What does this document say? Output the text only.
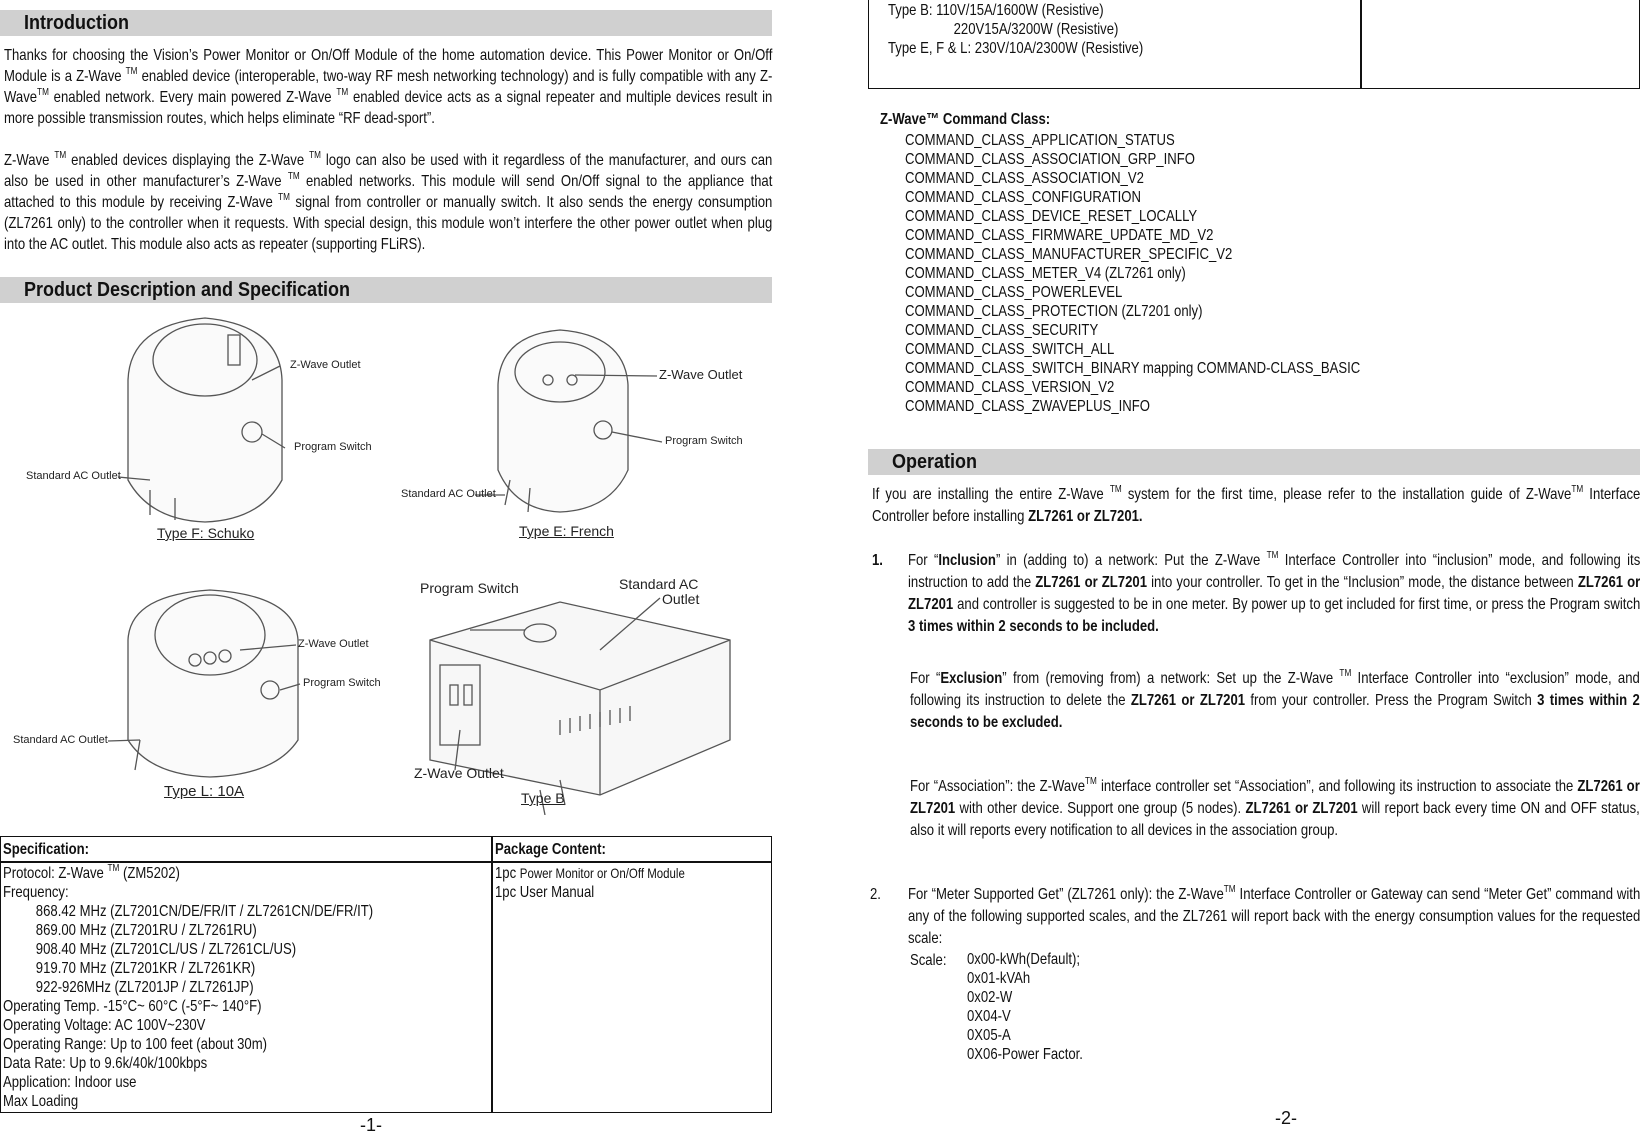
Introduction
Thanks for choosing the Vision’s Power Monitor or On/Off Module of the home automation device. This Power Monitor or On/Off Module is a Z-Wave ™ enabled device (interoperable, two-way RF mesh networking technology) and is fully compatible with any Z-Wave™ enabled network. Every main powered Z-Wave ™ enabled device acts as a signal repeater and multiple devices result in more possible transmission routes, which helps eliminate “RF dead-sport”.
Z-Wave ™ enabled devices displaying the Z-Wave ™ logo can also be used with it regardless of the manufacturer, and ours can also be used in other manufacturer’s Z-Wave ™ enabled networks. This module will send On/Off signal to the appliance that attached to this module by receiving Z-Wave ™ signal from controller or manually switch. It also sends the energy consumption (ZL7261 only) to the controller when it requests. With special design, this module won’t interfere the other power outlet when plug into the AC outlet. This module also acts as repeater (supporting FLiRS).
Product Description and Specification
Z-Wave Outlet
Program Switch
Standard AC Outlet
Type F: Schuko
Z-Wave Outlet
Program Switch
Standard AC Outlet
Type E: French
Z-Wave Outlet
Program Switch
Standard AC Outlet
Type L: 10A
Program Switch	Standard AC
Outlet
Z-Wave Outlet
Type B
Specification:	Package Content:
Protocol: Z-Wave ™ (ZM5202)
Frequency:
868.42 MHz (ZL7201CN/DE/FR/IT / ZL7261CN/DE/FR/IT)
869.00 MHz (ZL7201RU / ZL7261RU)
908.40 MHz (ZL7201CL/US / ZL7261CL/US)
919.70 MHz (ZL7201KR / ZL7261KR)
922-926MHz (ZL7201JP / ZL7261JP)
Operating Temp. -15°C~ 60°C (-5°F~ 140°F)
Operating Voltage: AC 100V~230V
Operating Range: Up to 100 feet (about 30m)
Data Rate: Up to 9.6k/40k/100kbps
Application: Indoor use
Max Loading
1pc Power Monitor or On/Off Module
1pc User Manual
-1-
Type B: 110V/15A/1600W (Resistive)
220V15A/3200W (Resistive)
Type E, F & L: 230V/10A/2300W (Resistive)
Z-Wave™ Command Class:
COMMAND_CLASS_APPLICATION_STATUS
COMMAND_CLASS_ASSOCIATION_GRP_INFO
COMMAND_CLASS_ASSOCIATION_V2
COMMAND_CLASS_CONFIGURATION
COMMAND_CLASS_DEVICE_RESET_LOCALLY
COMMAND_CLASS_FIRMWARE_UPDATE_MD_V2
COMMAND_CLASS_MANUFACTURER_SPECIFIC_V2
COMMAND_CLASS_METER_V4 (ZL7261 only)
COMMAND_CLASS_POWERLEVEL
COMMAND_CLASS_PROTECTION (ZL7201 only)
COMMAND_CLASS_SECURITY
COMMAND_CLASS_SWITCH_ALL
COMMAND_CLASS_SWITCH_BINARY mapping COMMAND-CLASS_BASIC
COMMAND_CLASS_VERSION_V2
COMMAND_CLASS_ZWAVEPLUS_INFO
Operation
If you are installing the entire Z-Wave ™ system for the first time, please refer to the installation guide of Z-Wave™ Interface Controller before installing ZL7261 or ZL7201.
1. For “Inclusion” in (adding to) a network: Put the Z-Wave ™ Interface Controller into “inclusion” mode, and following its instruction to add the ZL7261 or ZL7201 into your controller. To get in the “Inclusion” mode, the distance between ZL7261 or ZL7201 and controller is suggested to be in one meter. By power up to get included for first time, or press the Program switch 3 times within 2 seconds to be included.
For “Exclusion” from (removing from) a network: Set up the Z-Wave ™ Interface Controller into “exclusion” mode, and following its instruction to delete the ZL7261 or ZL7201 from your controller. Press the Program Switch 3 times within 2 seconds to be excluded.
For “Association”: the Z-Wave™ interface controller set “Association”, and following its instruction to associate the ZL7261 or ZL7201 with other device. Support one group (5 nodes). ZL7261 or ZL7201 will report back every time ON and OFF status, also it will reports every notification to all devices in the association group.
2. For “Meter Supported Get” (ZL7261 only): the Z-Wave™ Interface Controller or Gateway can send “Meter Get” command with any of the following supported scales, and the ZL7261 will report back with the energy consumption values for the requested scale:
Scale: 0x00-kWh(Default);
0x01-kVAh
0x02-W
0X04-V
0X05-A
0X06-Power Factor.
-2-
